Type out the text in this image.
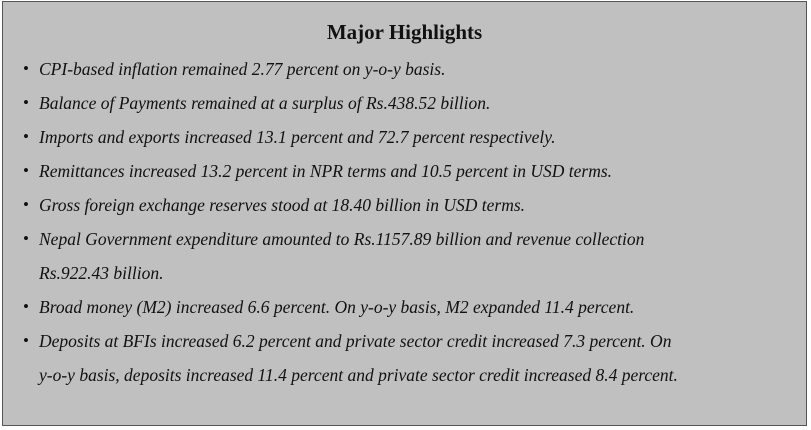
Major Highlights
• CPI-based inflation remained 2.77 percent on y-o-y basis.
• Balance of Payments remained at a surplus of Rs.438.52 billion.
• Imports and exports increased 13.1 percent and 72.7 percent respectively.
• Remittances increased 13.2 percent in NPR terms and 10.5 percent in USD terms.
• Gross foreign exchange reserves stood at 18.40 billion in USD terms.
• Nepal Government expenditure amounted to Rs.1157.89 billion and revenue collection
Rs.922.43 billion.
• Broad money (M2) increased 6.6 percent. On y-o-y basis, M2 expanded 11.4 percent.
• Deposits at BFIs increased 6.2 percent and private sector credit increased 7.3 percent. On
y-o-y basis, deposits increased 11.4 percent and private sector credit increased 8.4 percent.
